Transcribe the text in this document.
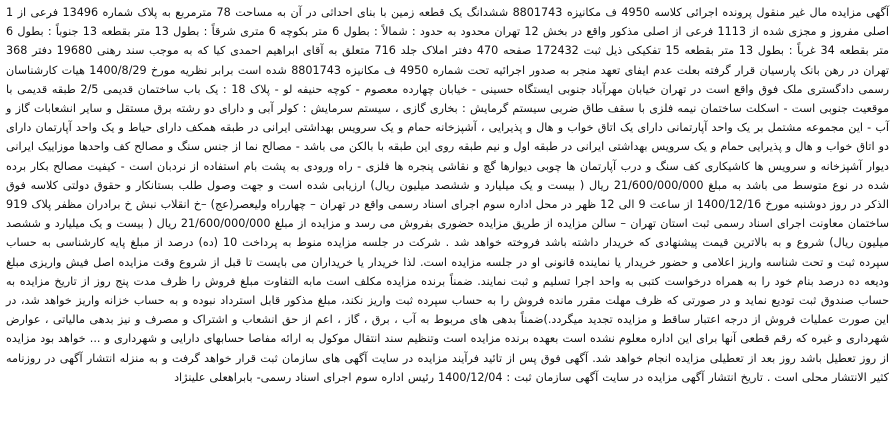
آگهی مزایده مال غیر منقول پرونده اجرائی کلاسه 4950 ف مکانیزه 8801743 ششدانگ یک قطعه زمین با بنای احداثی در آن به مساحت 78 مترمربع به پلاک شماره 13496 فرعی از 1 اصلی مفروز و مجزی شده از 1113 فرعی از اصلی مذکور واقع در بخش 12 تهران محدود به حدود : شمالاً : بطول 6 متر بکوچه 6 متری شرقاً : بطول 13 متر بقطعه 13 جنوباً : بطول 6 متر بقطعه 34 غرباً : بطول 13 متر بقطعه 15 تفکیکی ذیل ثبت 172432 صفحه 470 دفتر املاک جلد 716 متعلق به آقای ابراهیم احمدی کیا که به موجب سند رهنی 19680 دفتر 368 تهران در رهن بانک پارسیان قرار گرفته بعلت عدم ایفای تعهد منجر به صدور اجرائیه تحت شماره 4950 ف مکانیزه 8801743 شده است برابر نظریه مورخ 1400/8/29 هیات کارشناسان رسمی دادگستری ملک فوق واقع است در تهران خیابان مهرآباد جنوبی ایستگاه حسینی - خیابان چهارده معصوم - کوچه حنیفه لو - پلاک 18 : یک باب ساختمان قدیمی 2/5 طبقه قدیمی با موقعیت جنوبی است - اسکلت ساختمان نیمه فلزی با سقف طاق ضربی سیستم گرمایش : بخاری گازی ، سیستم سرمایش : کولر آبی و دارای دو رشته برق مستقل و سایر انشعابات گاز و آب - این مجموعه مشتمل بر یک واحد آپارتمانی دارای یک اتاق خواب و هال و پذیرایی ، آشپزخانه حمام و یک سرویس بهداشتی ایرانی در طبقه همکف دارای حیاط و یک واحد آپارتمان دارای دو اتاق خواب و هال و پذیرایی حمام و یک سرویس بهداشتی ایرانی در طبقه اول و نیم طبقه روی این طبقه با بالکن می باشد - مصالح نما از جنس سنگ و مصالح کف واحدها موزاییک ایرانی دیوار آشپزخانه و سرویس ها کاشیکاری کف سنگ و درب آپارتمان ها چوبی دیوارها گچ و نقاشی پنجره ها فلزی - راه ورودی به پشت بام استفاده از نردبان است - کیفیت مصالح بکار برده شده در نوع متوسط می باشد به مبلغ 21/600/000/000 ریال ( بیست و یک میلیارد و ششصد میلیون ریال) ارزیابی شده است و جهت وصول طلب بستانکار و حقوق دولتی کلاسه فوق الذکر در روز دوشنبه مورخ 1400/12/16 از ساعت 9 الی 12 ظهر در محل اداره سوم اجرای اسناد رسمی واقع در تهران – چهارراه ولیعصر(عج) –خ انقلاب نبش خ برادران مظفر پلاک 919 ساختمان معاونت اجرای اسناد رسمی ثبت استان تهران – سالن مزایده از طریق مزایده حضوری بفروش می رسد و مزایده از مبلغ 21/600/000/000 ریال ( بیست و یک میلیارد و ششصد میلیون ریال) شروع و به بالاترین قیمت پیشنهادی که خریدار داشته باشد فروخته خواهد شد . شرکت در جلسه مزایده منوط به پرداخت 10 (ده) درصد از مبلغ پایه کارشناسی به حساب سپرده ثبت و تحت شناسه واریز اعلامی و حضور خریدار یا نماینده قانونی او در جلسه مزایده است. لذا خریدار یا خریداران می بایست تا قبل از شروع وقت مزایده اصل فیش واریزی مبلغ ودیعه ده درصد بنام خود را به همراه درخواست کتبی به واحد اجرا تسلیم و ثبت نمایند. ضمناً برنده مزایده مکلف است مابه التفاوت مبلغ فروش را ظرف مدت پنج روز از تاریخ مزایده به حساب صندوق ثبت تودیع نماید و در صورتی که ظرف مهلت مقرر مانده فروش را به حساب سپرده ثبت واریز نکند، مبلغ مذکور قابل استرداد نبوده و به حساب خزانه واریز خواهد شد، در این صورت عملیات فروش از درجه اعتبار ساقط و مزایده تجدید میگردد.)ضمناً بدهی های مربوط به آب ، برق ، گاز ، اعم از حق انشعاب و اشتراک و مصرف و نیز بدهی مالیاتی ، عوارض شهرداری و غیره که رقم قطعی آنها برای این اداره معلوم نشده است بعهده برنده مزایده است وتنظیم سند انتقال موکول به ارائه مفاصا حسابهای دارایی و شهرداری و ... خواهد بود مزایده از روز تعطیل باشد روز بعد از تعطیلی مزایده انجام خواهد شد. آگهی فوق پس از تائید فرآیند مزایده در سایت آگهی های سازمان ثبت قرار خواهد گرفت و به منزله انتشار آگهی در روزنامه کثیر الانتشار محلی است . تاریخ انتشار آگهی مزایده در سایت آگهی سازمان ثبت : 1400/12/04 رئیس اداره سوم اجرای اسناد رسمی- بابراهعلی علینژاد
